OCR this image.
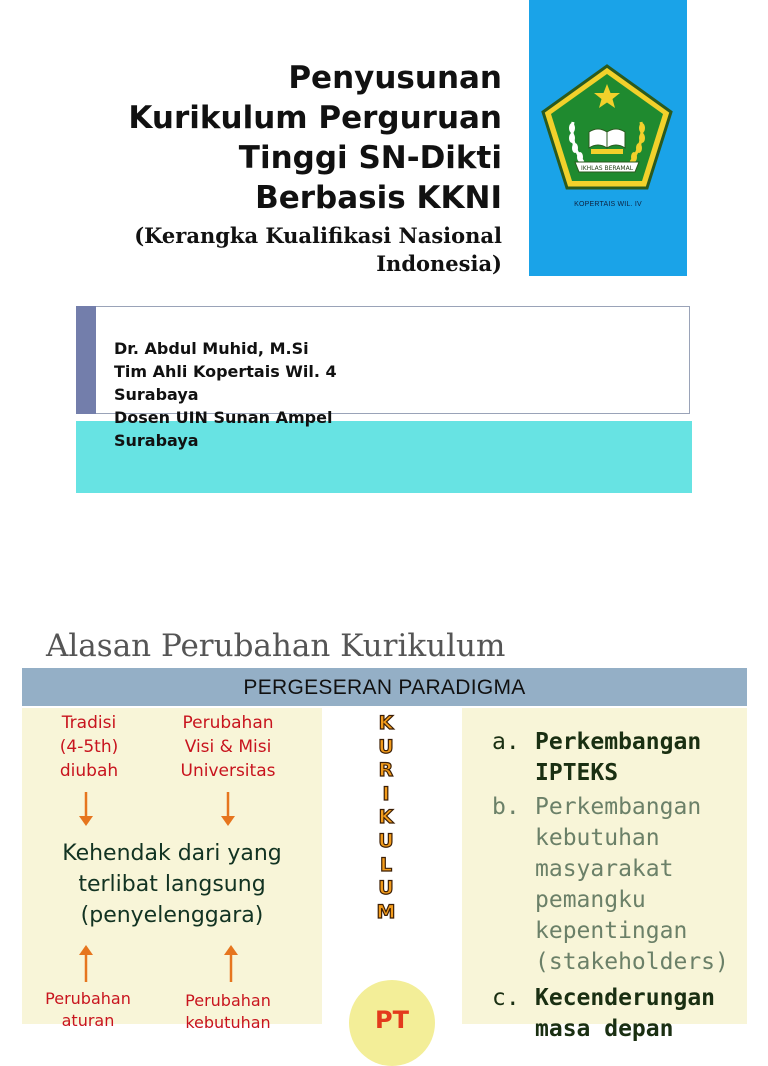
Penyusunan
Kurikulum Perguruan
Tinggi SN-Dikti
Berbasis KKNI
(Kerangka Kualifikasi Nasional
Indonesia)
IKHLAS BERAMAL
KOPERTAIS WIL. IV
Dr. Abdul Muhid, M.Si
Tim Ahli Kopertais Wil. 4
Surabaya
Dosen UIN Sunan Ampel
Surabaya
Alasan Perubahan Kurikulum
PERGESERAN PARADIGMA
Tradisi
(4-5th)
diubah
Perubahan
Visi & Misi
Universitas
Kehendak dari yang
terlibat langsung
(penyelenggara)
Perubahan
aturan
Perubahan
kebutuhan
K
U
R
I
K
U
L
U
M
PT
a. Perkembangan
IPTEKS
b. Perkembangan
kebutuhan
masyarakat
pemangku
kepentingan
(stakeholders)
c. Kecenderungan
masa depan
